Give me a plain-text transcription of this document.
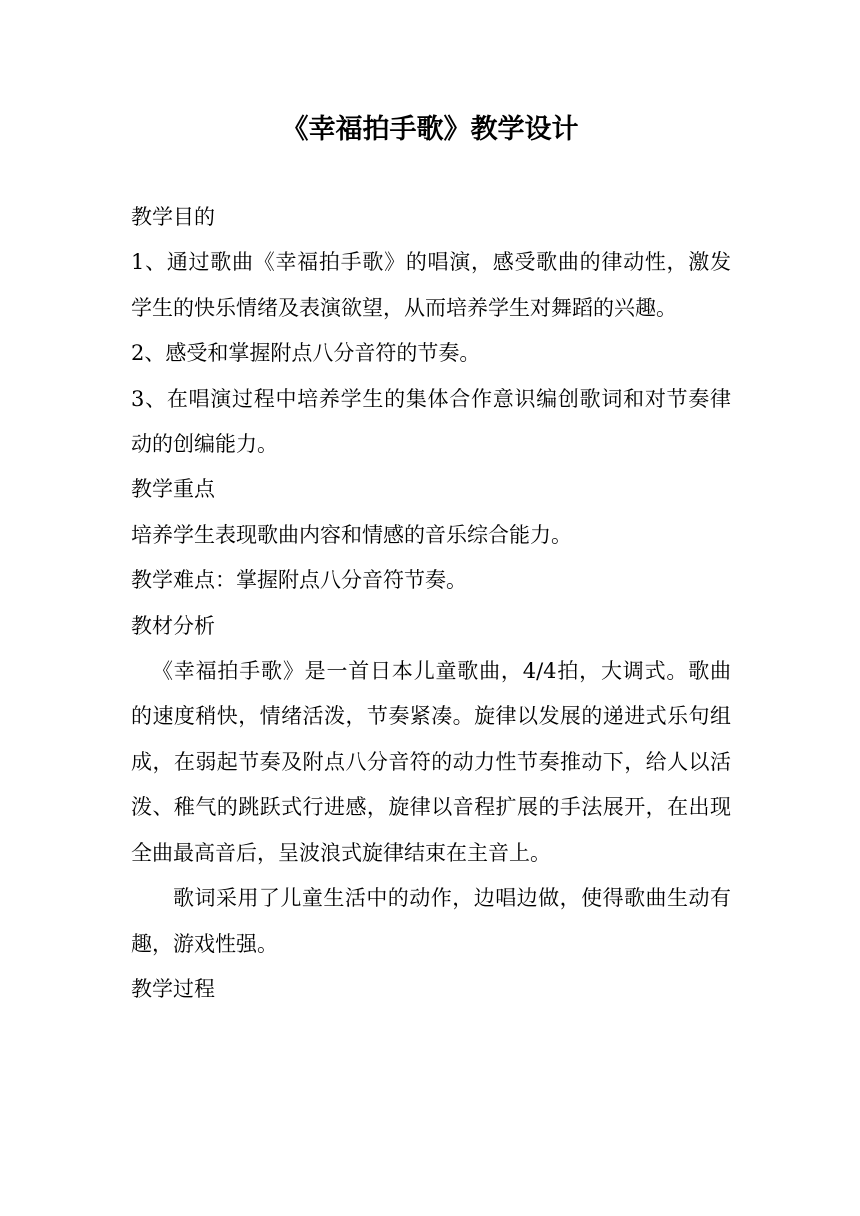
《幸福拍手歌》教学设计

教学目的

1、通过歌曲《幸福拍手歌》的唱演，感受歌曲的律动性，激发学生的快乐情绪及表演欲望，从而培养学生对舞蹈的兴趣。

2、感受和掌握附点八分音符的节奏。

3、在唱演过程中培养学生的集体合作意识编创歌词和对节奏律动的创编能力。

教学重点

培养学生表现歌曲内容和情感的音乐综合能力。

教学难点：掌握附点八分音符节奏。

教材分析

《幸福拍手歌》是一首日本儿童歌曲，4/4拍，大调式。歌曲的速度稍快，情绪活泼，节奏紧凑。旋律以发展的递进式乐句组成，在弱起节奏及附点八分音符的动力性节奏推动下，给人以活泼、稚气的跳跃式行进感，旋律以音程扩展的手法展开，在出现全曲最高音后，呈波浪式旋律结束在主音上。

歌词采用了儿童生活中的动作，边唱边做，使得歌曲生动有趣，游戏性强。

教学过程
